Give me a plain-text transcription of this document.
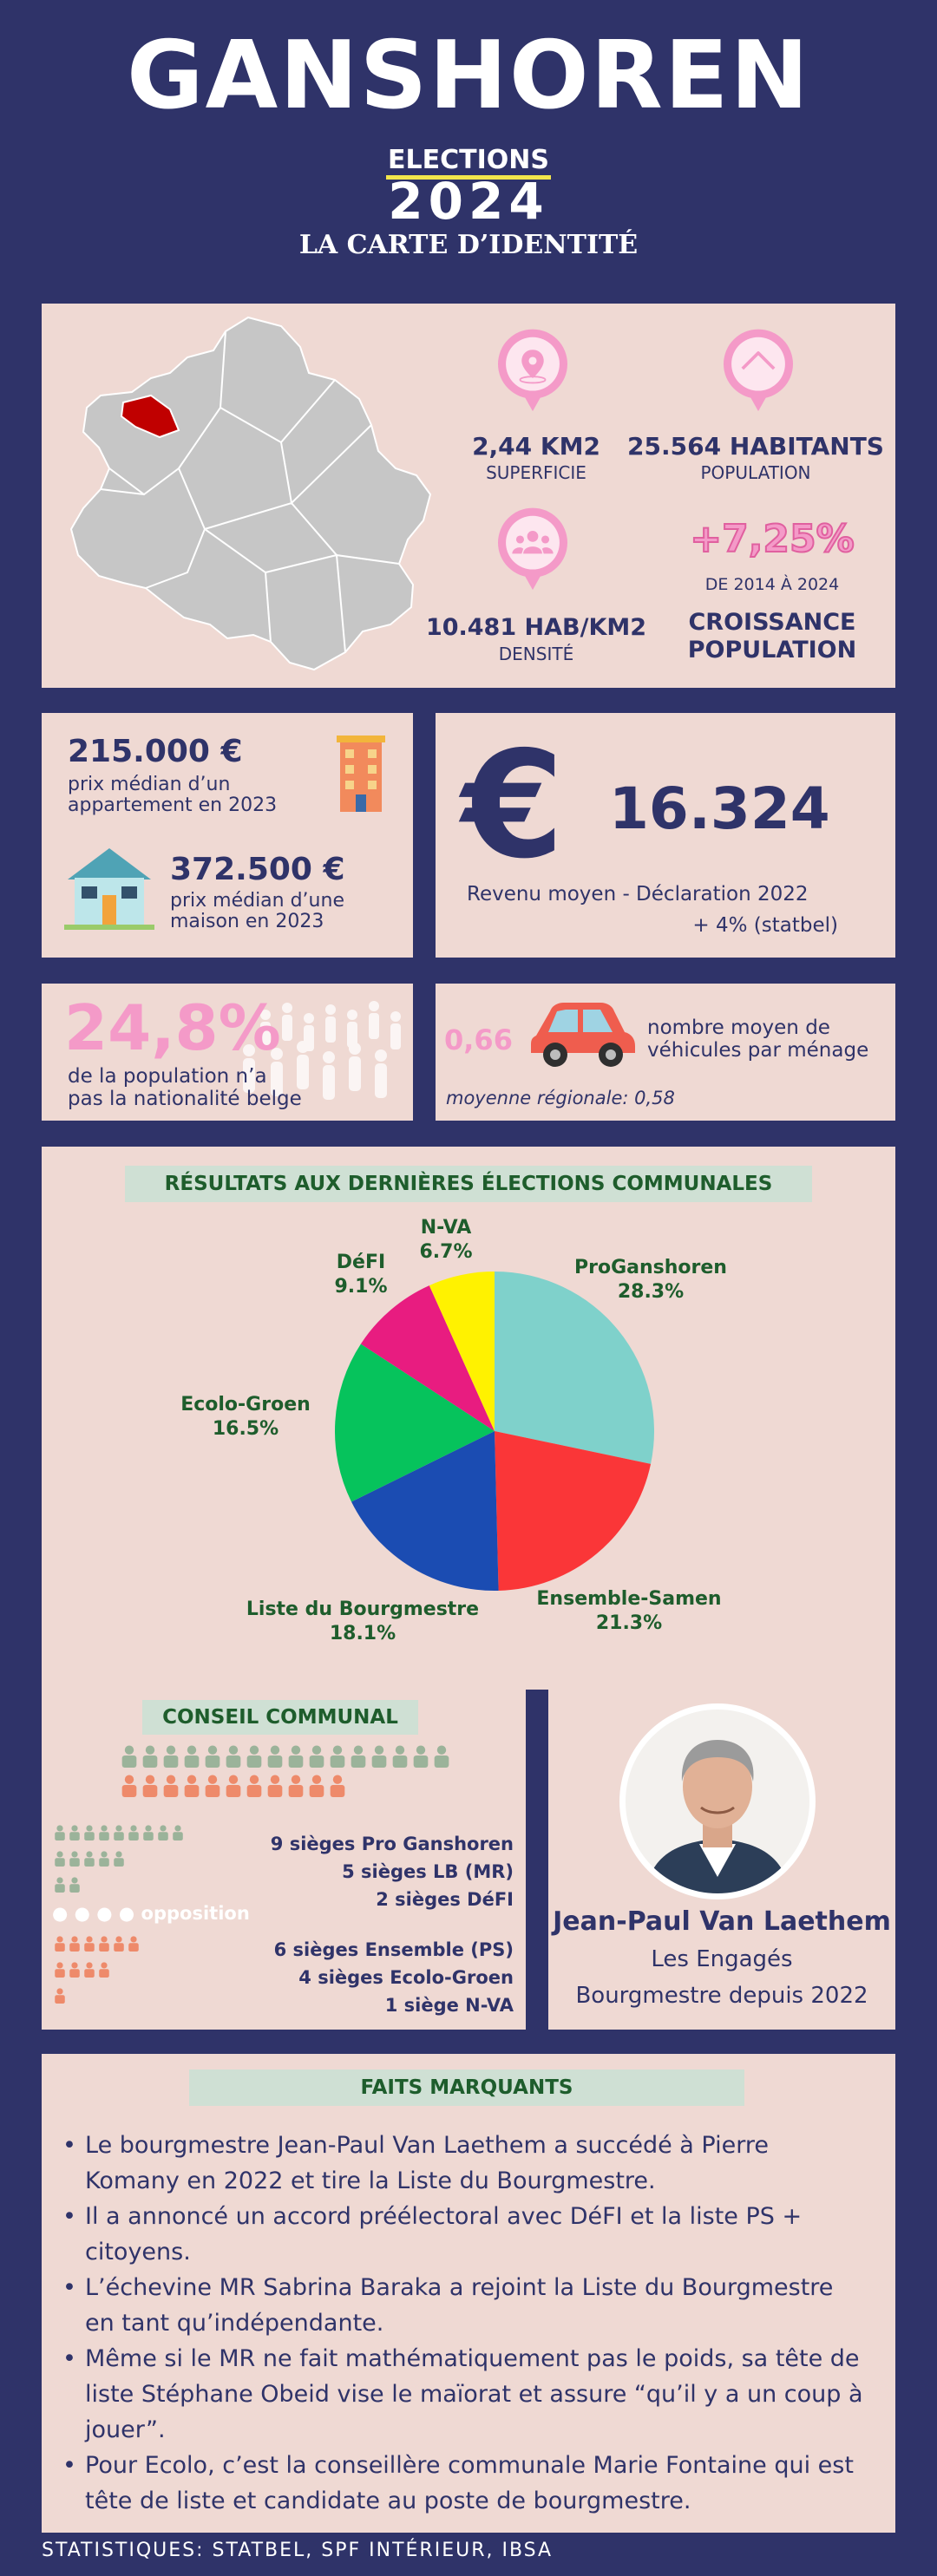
GANSHOREN
ELECTIONS
2024
LA CARTE D’IDENTITÉ
2,44 KM2
SUPERFICIE
25.564 HABITANTS
POPULATION
10.481 HAB/KM2
DENSITÉ
+7,25%
DE 2014 À 2024
CROISSANCE
POPULATION
215.000 €
prix médian d’un
appartement en 2023
372.500 €
prix médian d’une
maison en 2023
€ 16.324
Revenu moyen - Déclaration 2022
+ 4% (statbel)
24,8%
de la population n’a
pas la nationalité belge
0,66	nombre moyen de
véhicules par ménage
moyenne régionale: 0,58
RÉSULTATS AUX DERNIÈRES ÉLECTIONS COMMUNALES
ProGanshoren
28.3%
Ensemble-Samen
21.3%
Liste du Bourgmestre
18.1%
Ecolo-Groen
16.5%
DéFI
9.1%
N-VA
6.7%
CONSEIL COMMUNAL
● ● ● ● opposition
9 sièges Pro Ganshoren
5 sièges LB (MR)
2 sièges DéFI
6 sièges Ensemble (PS)
4 sièges Ecolo-Groen
1 siège N-VA
Jean-Paul Van Laethem
Les Engagés
Bourgmestre depuis 2022
FAITS MARQUANTS
• Le bourgmestre Jean-Paul Van Laethem a succédé à Pierre Komany en 2022 et tire la Liste du Bourgmestre.
• Il a annoncé un accord préélectoral avec DéFI et la liste PS + citoyens.
• L’échevine MR Sabrina Baraka a rejoint la Liste du Bourgmestre en tant qu’indépendante.
• Même si le MR ne fait mathématiquement pas le poids, sa tête de liste Stéphane Obeid vise le maïorat et assure “qu’il y a un coup à jouer”.
• Pour Ecolo, c’est la conseillère communale Marie Fontaine qui est tête de liste et candidate au poste de bourgmestre.
STATISTIQUES: STATBEL, SPF INTÉRIEUR, IBSA
